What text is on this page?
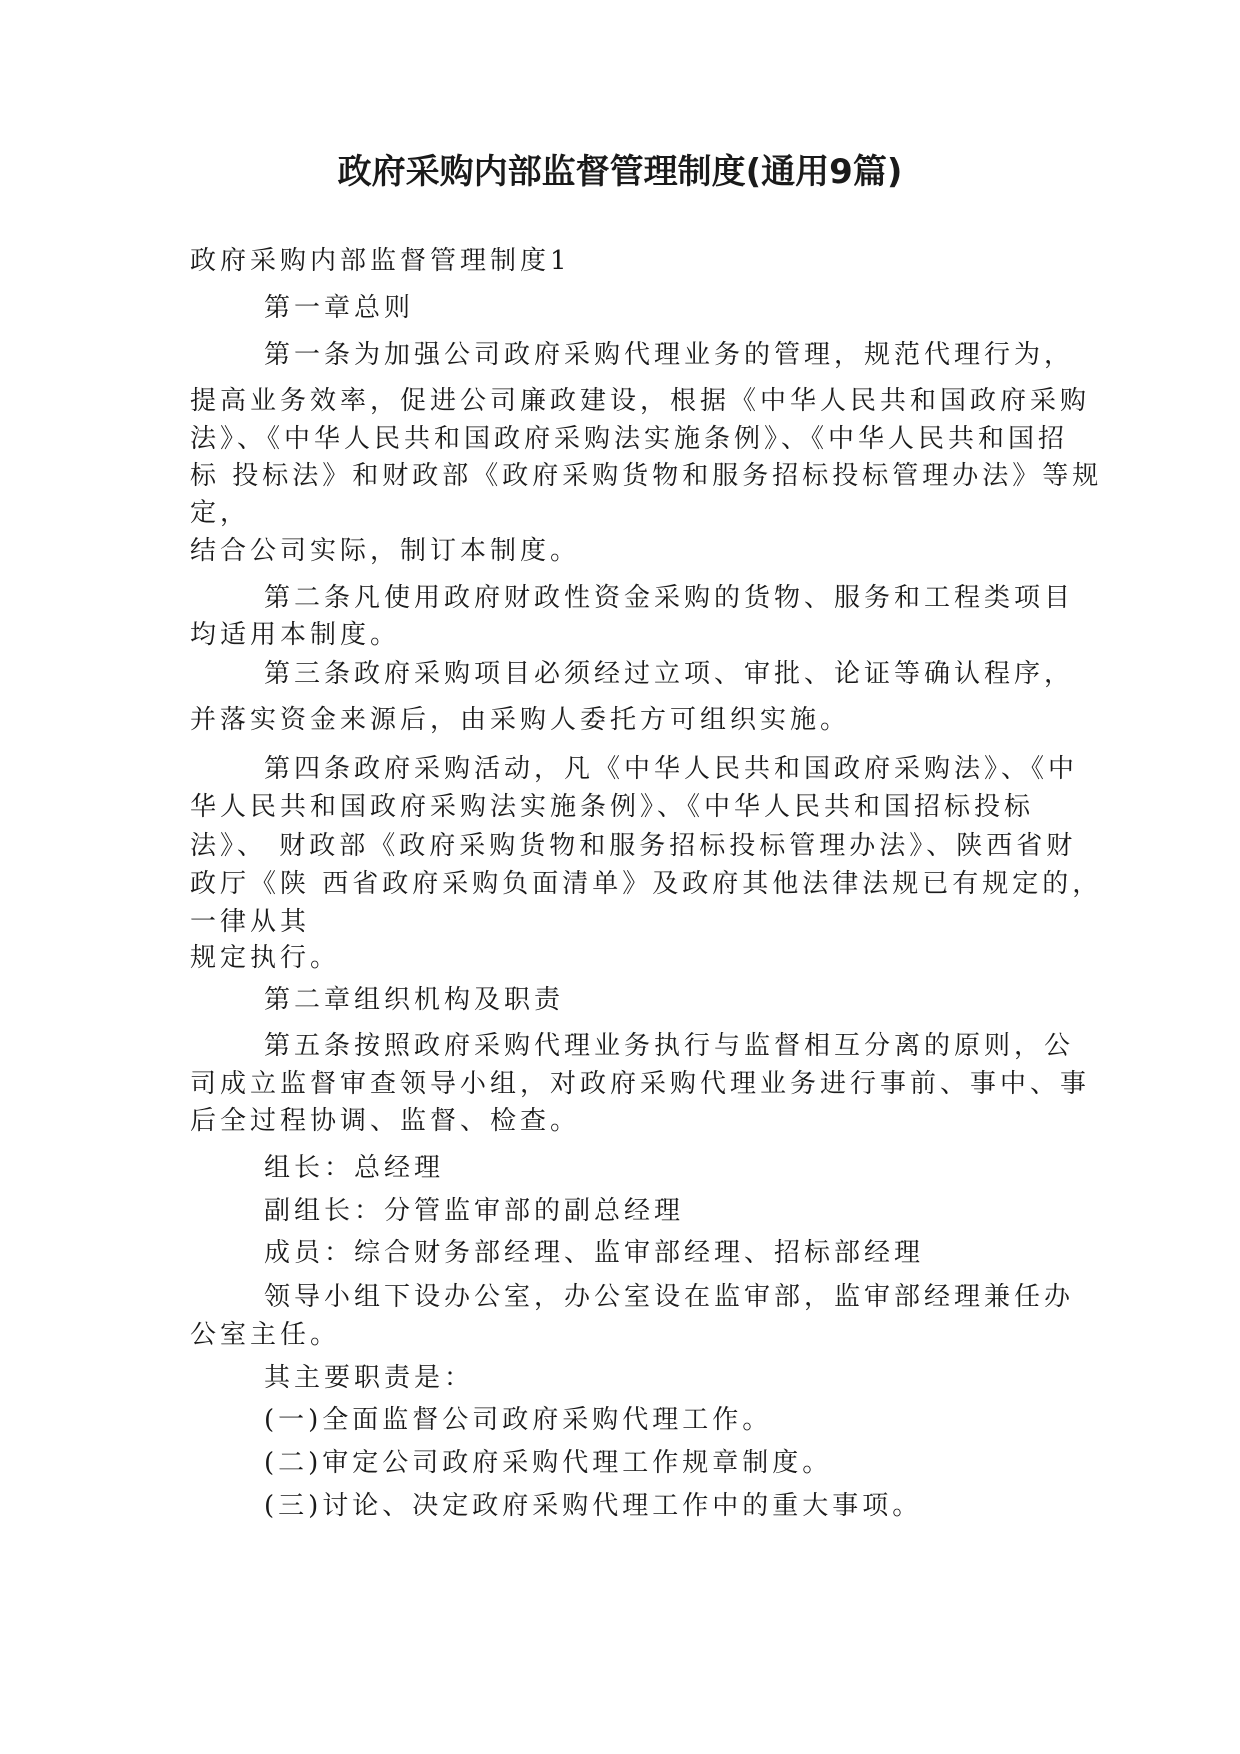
政府采购内部监督管理制度(通用9篇)
政府采购内部监督管理制度1
第一章总则
第一条为加强公司政府采购代理业务的管理，规范代理行为，
提高业务效率，促进公司廉政建设，根据《中华人民共和国政府采购
法》、《中华人民共和国政府采购法实施条例》、《中华人民共和国招
标 投标法》和财政部《政府采购货物和服务招标投标管理办法》等规
定，
结合公司实际，制订本制度。
第二条凡使用政府财政性资金采购的货物、服务和工程类项目
均适用本制度。
第三条政府采购项目必须经过立项、审批、论证等确认程序，
并落实资金来源后，由采购人委托方可组织实施。
第四条政府采购活动，凡《中华人民共和国政府采购法》、《中
华人民共和国政府采购法实施条例》、《中华人民共和国招标投标
法》、 财政部《政府采购货物和服务招标投标管理办法》、陕西省财
政厅《陕 西省政府采购负面清单》及政府其他法律法规已有规定的，
一律从其
规定执行。
第二章组织机构及职责
第五条按照政府采购代理业务执行与监督相互分离的原则，公
司成立监督审查领导小组，对政府采购代理业务进行事前、事中、事
后全过程协调、监督、检查。
组长：总经理
副组长：分管监审部的副总经理
成员：综合财务部经理、监审部经理、招标部经理
领导小组下设办公室，办公室设在监审部，监审部经理兼任办
公室主任。
其主要职责是：
(一)全面监督公司政府采购代理工作。
(二)审定公司政府采购代理工作规章制度。
(三)讨论、决定政府采购代理工作中的重大事项。
